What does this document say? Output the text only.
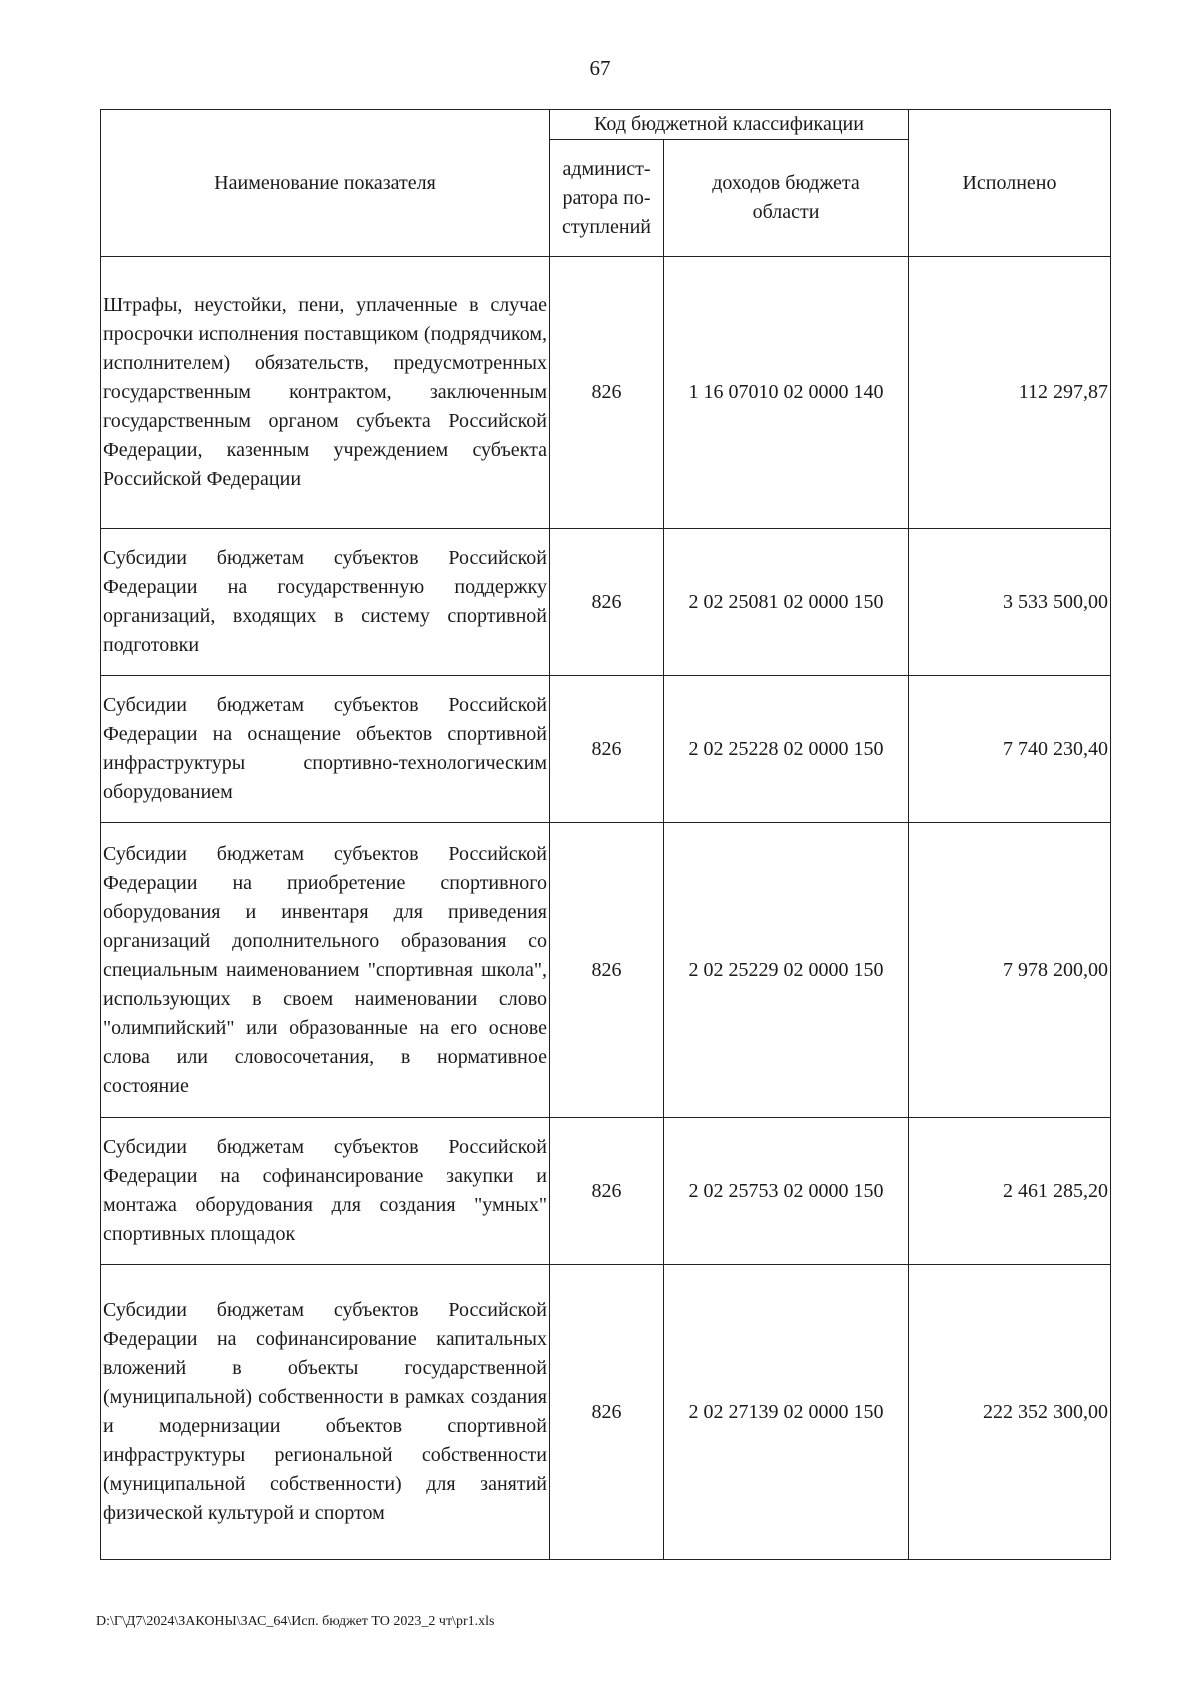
67
Наименование показателя	Код бюджетной классификации		Исполнено
	админист-ратора по-ступлений	доходов бюджета области	

Штрафы, неустойки, пени, уплаченные в случае просрочки исполнения поставщиком (подрядчиком, исполнителем) обязательств, предусмотренных государственным контрактом, заключенным государственным органом субъекта Российской Федерации, казенным учреждением субъекта Российской Федерации	826	1 16 07010 02 0000 140	112 297,87
Субсидии бюджетам субъектов Российской Федерации на государственную поддержку организаций, входящих в систему спортивной подготовки	826	2 02 25081 02 0000 150	3 533 500,00
Субсидии бюджетам субъектов Российской Федерации на оснащение объектов спортивной инфраструктуры спортивно-технологическим оборудованием	826	2 02 25228 02 0000 150	7 740 230,40
Субсидии бюджетам субъектов Российской Федерации на приобретение спортивного оборудования и инвентаря для приведения организаций дополнительного образования со специальным наименованием "спортивная школа", использующих в своем наименовании слово "олимпийский" или образованные на его основе слова или словосочетания, в нормативное состояние	826	2 02 25229 02 0000 150	7 978 200,00
Субсидии бюджетам субъектов Российской Федерации на софинансирование закупки и монтажа оборудования для создания "умных" спортивных площадок	826	2 02 25753 02 0000 150	2 461 285,20
Субсидии бюджетам субъектов Российской Федерации на софинансирование капитальных вложений в объекты государственной (муниципальной) собственности в рамках создания и модернизации объектов спортивной инфраструктуры региональной собственности (муниципальной собственности) для занятий физической культурой и спортом	826	2 02 27139 02 0000 150	222 352 300,00
D:\Г\Д7\2024\ЗАКОНЫ\ЗАС_64\Исп. бюджет ТО 2023_2 чт\pr1.xls
